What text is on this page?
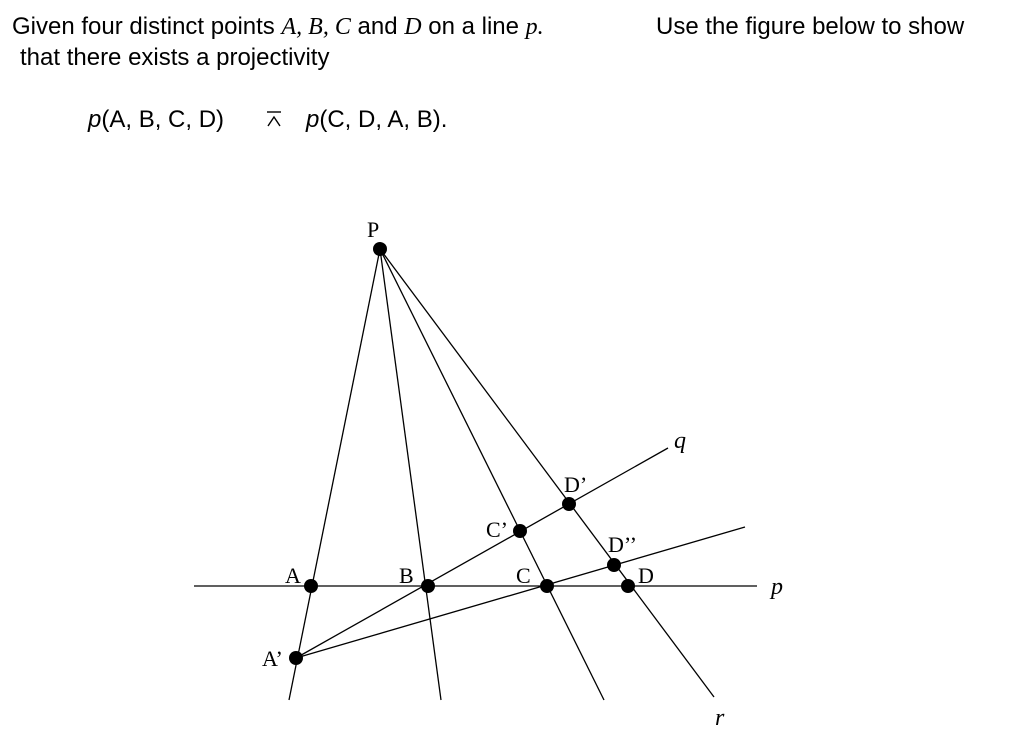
Given four distinct points A, B, C and D on a line p.	Use the figure below to show
that there exists a projectivity
p(A, B, C, D)	p(C, D, A, B).
P
A	B	C	D
A’
C’
D’
D’’
p
q
r
